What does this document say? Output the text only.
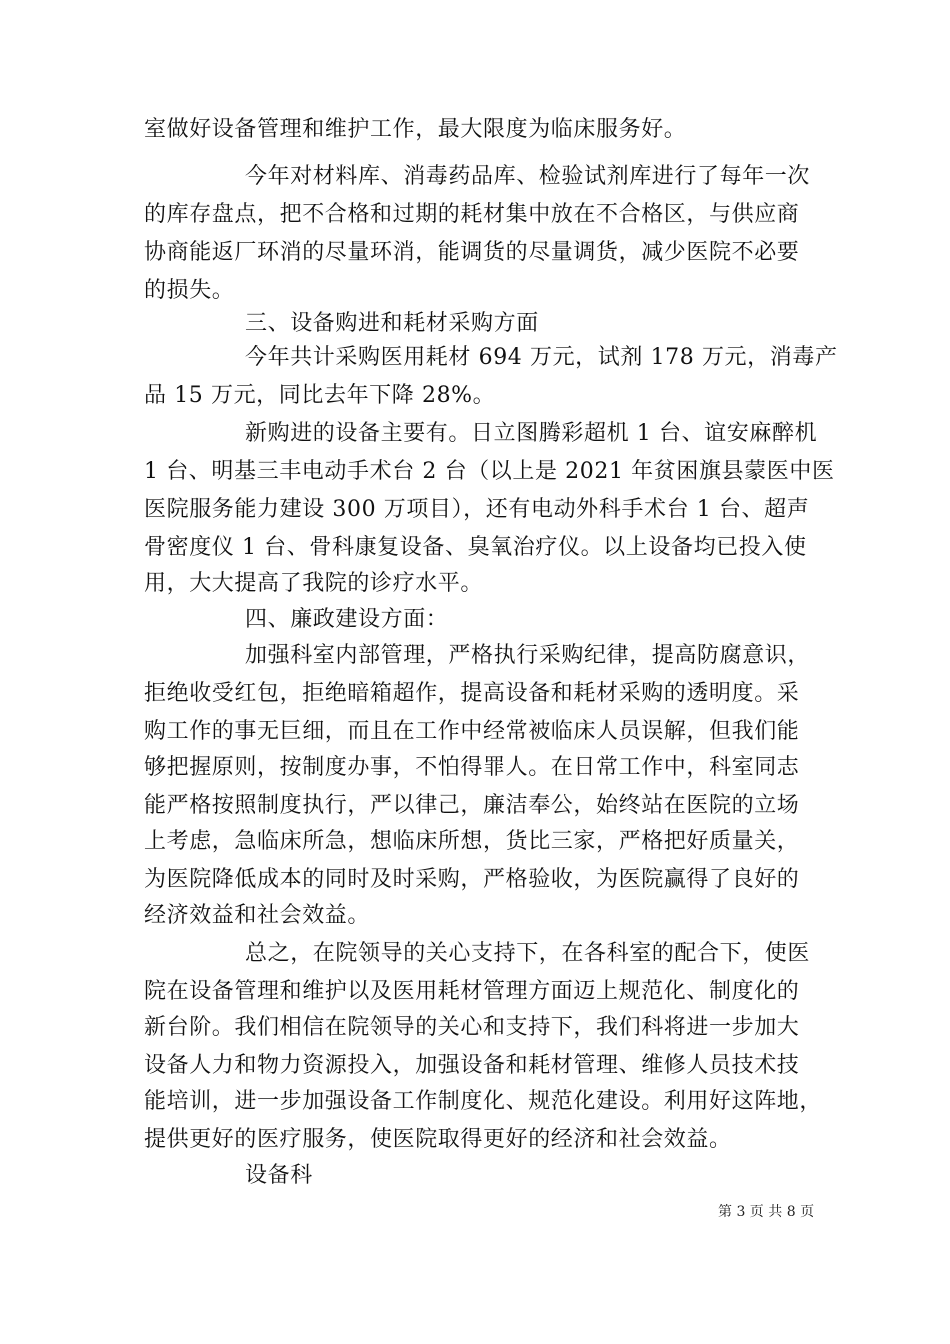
室做好设备管理和维护工作，最大限度为临床服务好。
今年对材料库、消毒药品库、检验试剂库进行了每年一次
的库存盘点，把不合格和过期的耗材集中放在不合格区，与供应商
协商能返厂环消的尽量环消，能调货的尽量调货，减少医院不必要
的损失。
三、设备购进和耗材采购方面
今年共计采购医用耗材 694 万元，试剂 178 万元，消毒产
品 15 万元，同比去年下降 28%。
新购进的设备主要有。日立图腾彩超机 1 台、谊安麻醉机
1 台、明基三丰电动手术台 2 台（以上是 2021 年贫困旗县蒙医中医
医院服务能力建设 300 万项目），还有电动外科手术台 1 台、超声
骨密度仪 1 台、骨科康复设备、臭氧治疗仪。以上设备均已投入使
用，大大提高了我院的诊疗水平。
四、廉政建设方面：
加强科室内部管理，严格执行采购纪律，提高防腐意识，
拒绝收受红包，拒绝暗箱超作，提高设备和耗材采购的透明度。采
购工作的事无巨细，而且在工作中经常被临床人员误解，但我们能
够把握原则，按制度办事，不怕得罪人。在日常工作中，科室同志
能严格按照制度执行，严以律己，廉洁奉公，始终站在医院的立场
上考虑，急临床所急，想临床所想，货比三家，严格把好质量关，
为医院降低成本的同时及时采购，严格验收，为医院赢得了良好的
经济效益和社会效益。
总之，在院领导的关心支持下，在各科室的配合下，使医
院在设备管理和维护以及医用耗材管理方面迈上规范化、制度化的
新台阶。我们相信在院领导的关心和支持下，我们科将进一步加大
设备人力和物力资源投入，加强设备和耗材管理、维修人员技术技
能培训，进一步加强设备工作制度化、规范化建设。利用好这阵地，
提供更好的医疗服务，使医院取得更好的经济和社会效益。
设备科
第 3 页 共 8 页
